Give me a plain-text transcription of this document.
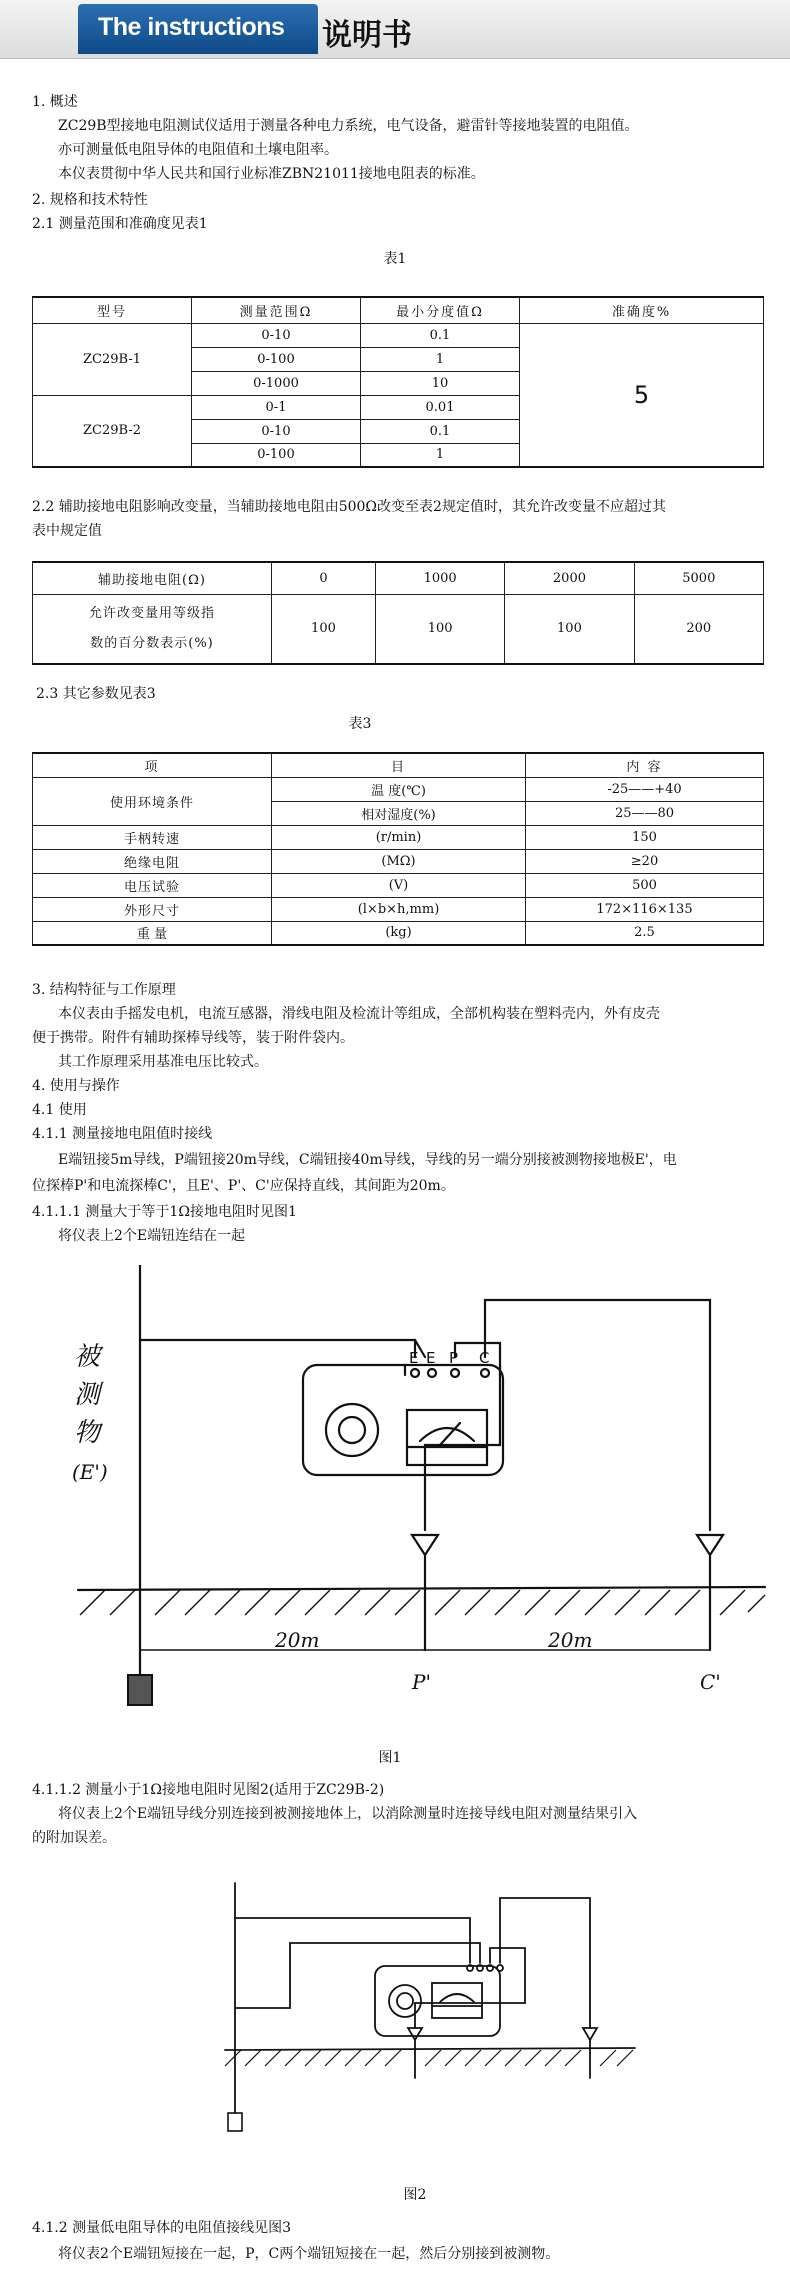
The instructions 说明书
1. 概述
ZC29B型接地电阻测试仪适用于测量各种电力系统，电气设备，避雷针等接地装置的电阻值。
亦可测量低电阻导体的电阻值和土壤电阻率。
本仪表贯彻中华人民共和国行业标准ZBN21011接地电阻表的标准。
2. 规格和技术特性
2.1 测量范围和准确度见表1
表1
型号	测量范围Ω	最小分度值Ω	准确度%
ZC29B-1	0-10	0.1	5
	0-100	1	
	0-1000	10	
ZC29B-2	0-1	0.01	
	0-10	0.1	
	0-100	1	
2.2 辅助接地电阻影响改变量，当辅助接地电阻由500Ω改变至表2规定值时，其允许改变量不应超过其
表中规定值
辅助接地电阻(Ω)	0	1000	2000	5000

允许改变量用等级指
数的百分数表示(%)	100	100	100	200
2.3 其它参数见表3
表3
项	目	内 容
使用环境条件	温 度(℃)	-25——+40
	相对湿度(%)	25——80
手柄转速	(r/min)	150
绝缘电阻	(MΩ)	≥20
电压试验	(V)	500
外形尺寸	(l×b×h,mm)	172×116×135
重 量	(kg)	2.5
3. 结构特征与工作原理
本仪表由手摇发电机，电流互感器，滑线电阻及检流计等组成，全部机构装在塑料壳内，外有皮壳
便于携带。附件有辅助探棒导线等，装于附件袋内。
其工作原理采用基准电压比较式。
4. 使用与操作
4.1 使用
4.1.1 测量接地电阻值时接线
E端钮接5m导线，P端钮接20m导线，C端钮接40m导线，导线的另一端分别接被测物接地极E'，电
位探棒P'和电流探棒C'，且E'、P'、C'应保持直线，其间距为20m。
4.1.1.1 测量大于等于1Ω接地电阻时见图1
将仪表上2个E端钮连结在一起
被
测
物
(E')
E E P C
20m	20m
P'	C'
图1
4.1.1.2 测量小于1Ω接地电阻时见图2(适用于ZC29B-2)
将仪表上2个E端钮导线分别连接到被测接地体上，以消除测量时连接导线电阻对测量结果引入
的附加误差。
图2
4.1.2 测量低电阻导体的电阻值接线见图3
将仪表2个E端钮短接在一起，P，C两个端钮短接在一起，然后分别接到被测物。
